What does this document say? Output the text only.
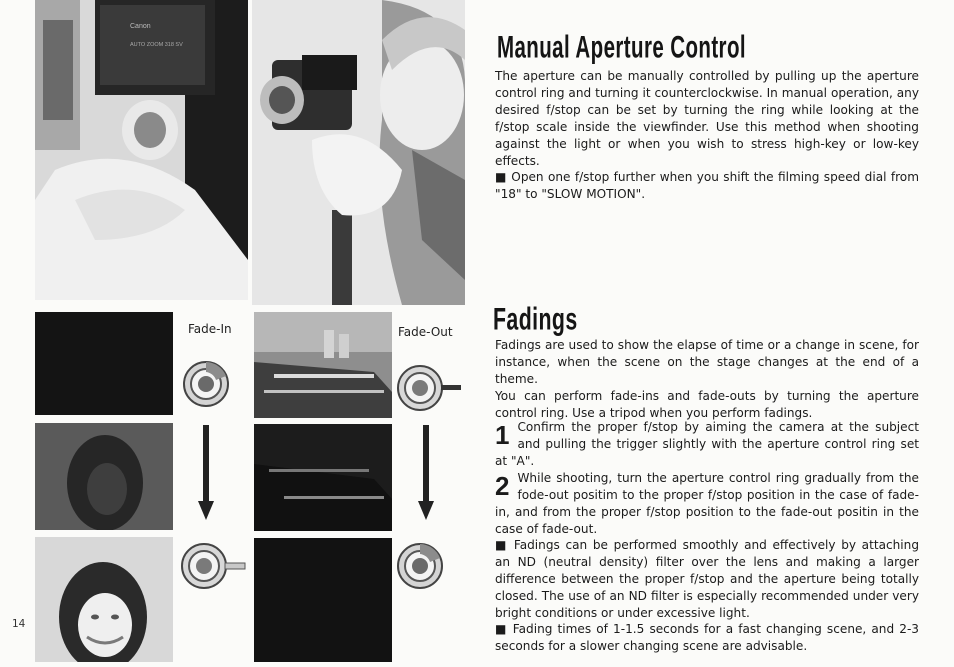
Canon
AUTO ZOOM 318 SV
Fade-In	Fade-Out
Manual Aperture Control

The aperture can be manually controlled by pulling up the aperture control ring and turning it counterclockwise. In manual operation, any desired f/stop can be set by turning the ring while looking at the f/stop scale inside the viewfinder. Use this method when shooting against the light or when you wish to stress high-key or low-key effects.

■ Open one f/stop further when you shift the filming speed dial from "18" to "SLOW MOTION".

Fadings

Fadings are used to show the elapse of time or a change in scene, for instance, when the scene on the stage changes at the end of a theme.

You can perform fade-ins and fade-outs by turning the aperture control ring. Use a tripod when you perform fadings.

1 Confirm the proper f/stop by aiming the camera at the subject and pulling the trigger slightly with the aperture control ring set at "A".
2 While shooting, turn the aperture control ring gradually from the fode-out positim to the proper f/stop position in the case of fade-in, and from the proper f/stop position to the fade-out positin in the case of fade-out.

■ Fadings can be performed smoothly and effectively by attaching an ND (neutral density) filter over the lens and making a larger difference between the proper f/stop and the aperture being totally closed. The use of an ND filter is especially recommended under very bright conditions or under excessive light.

■ Fading times of 1-1.5 seconds for a fast changing scene, and 2-3 seconds for a slower changing scene are advisable.

14
